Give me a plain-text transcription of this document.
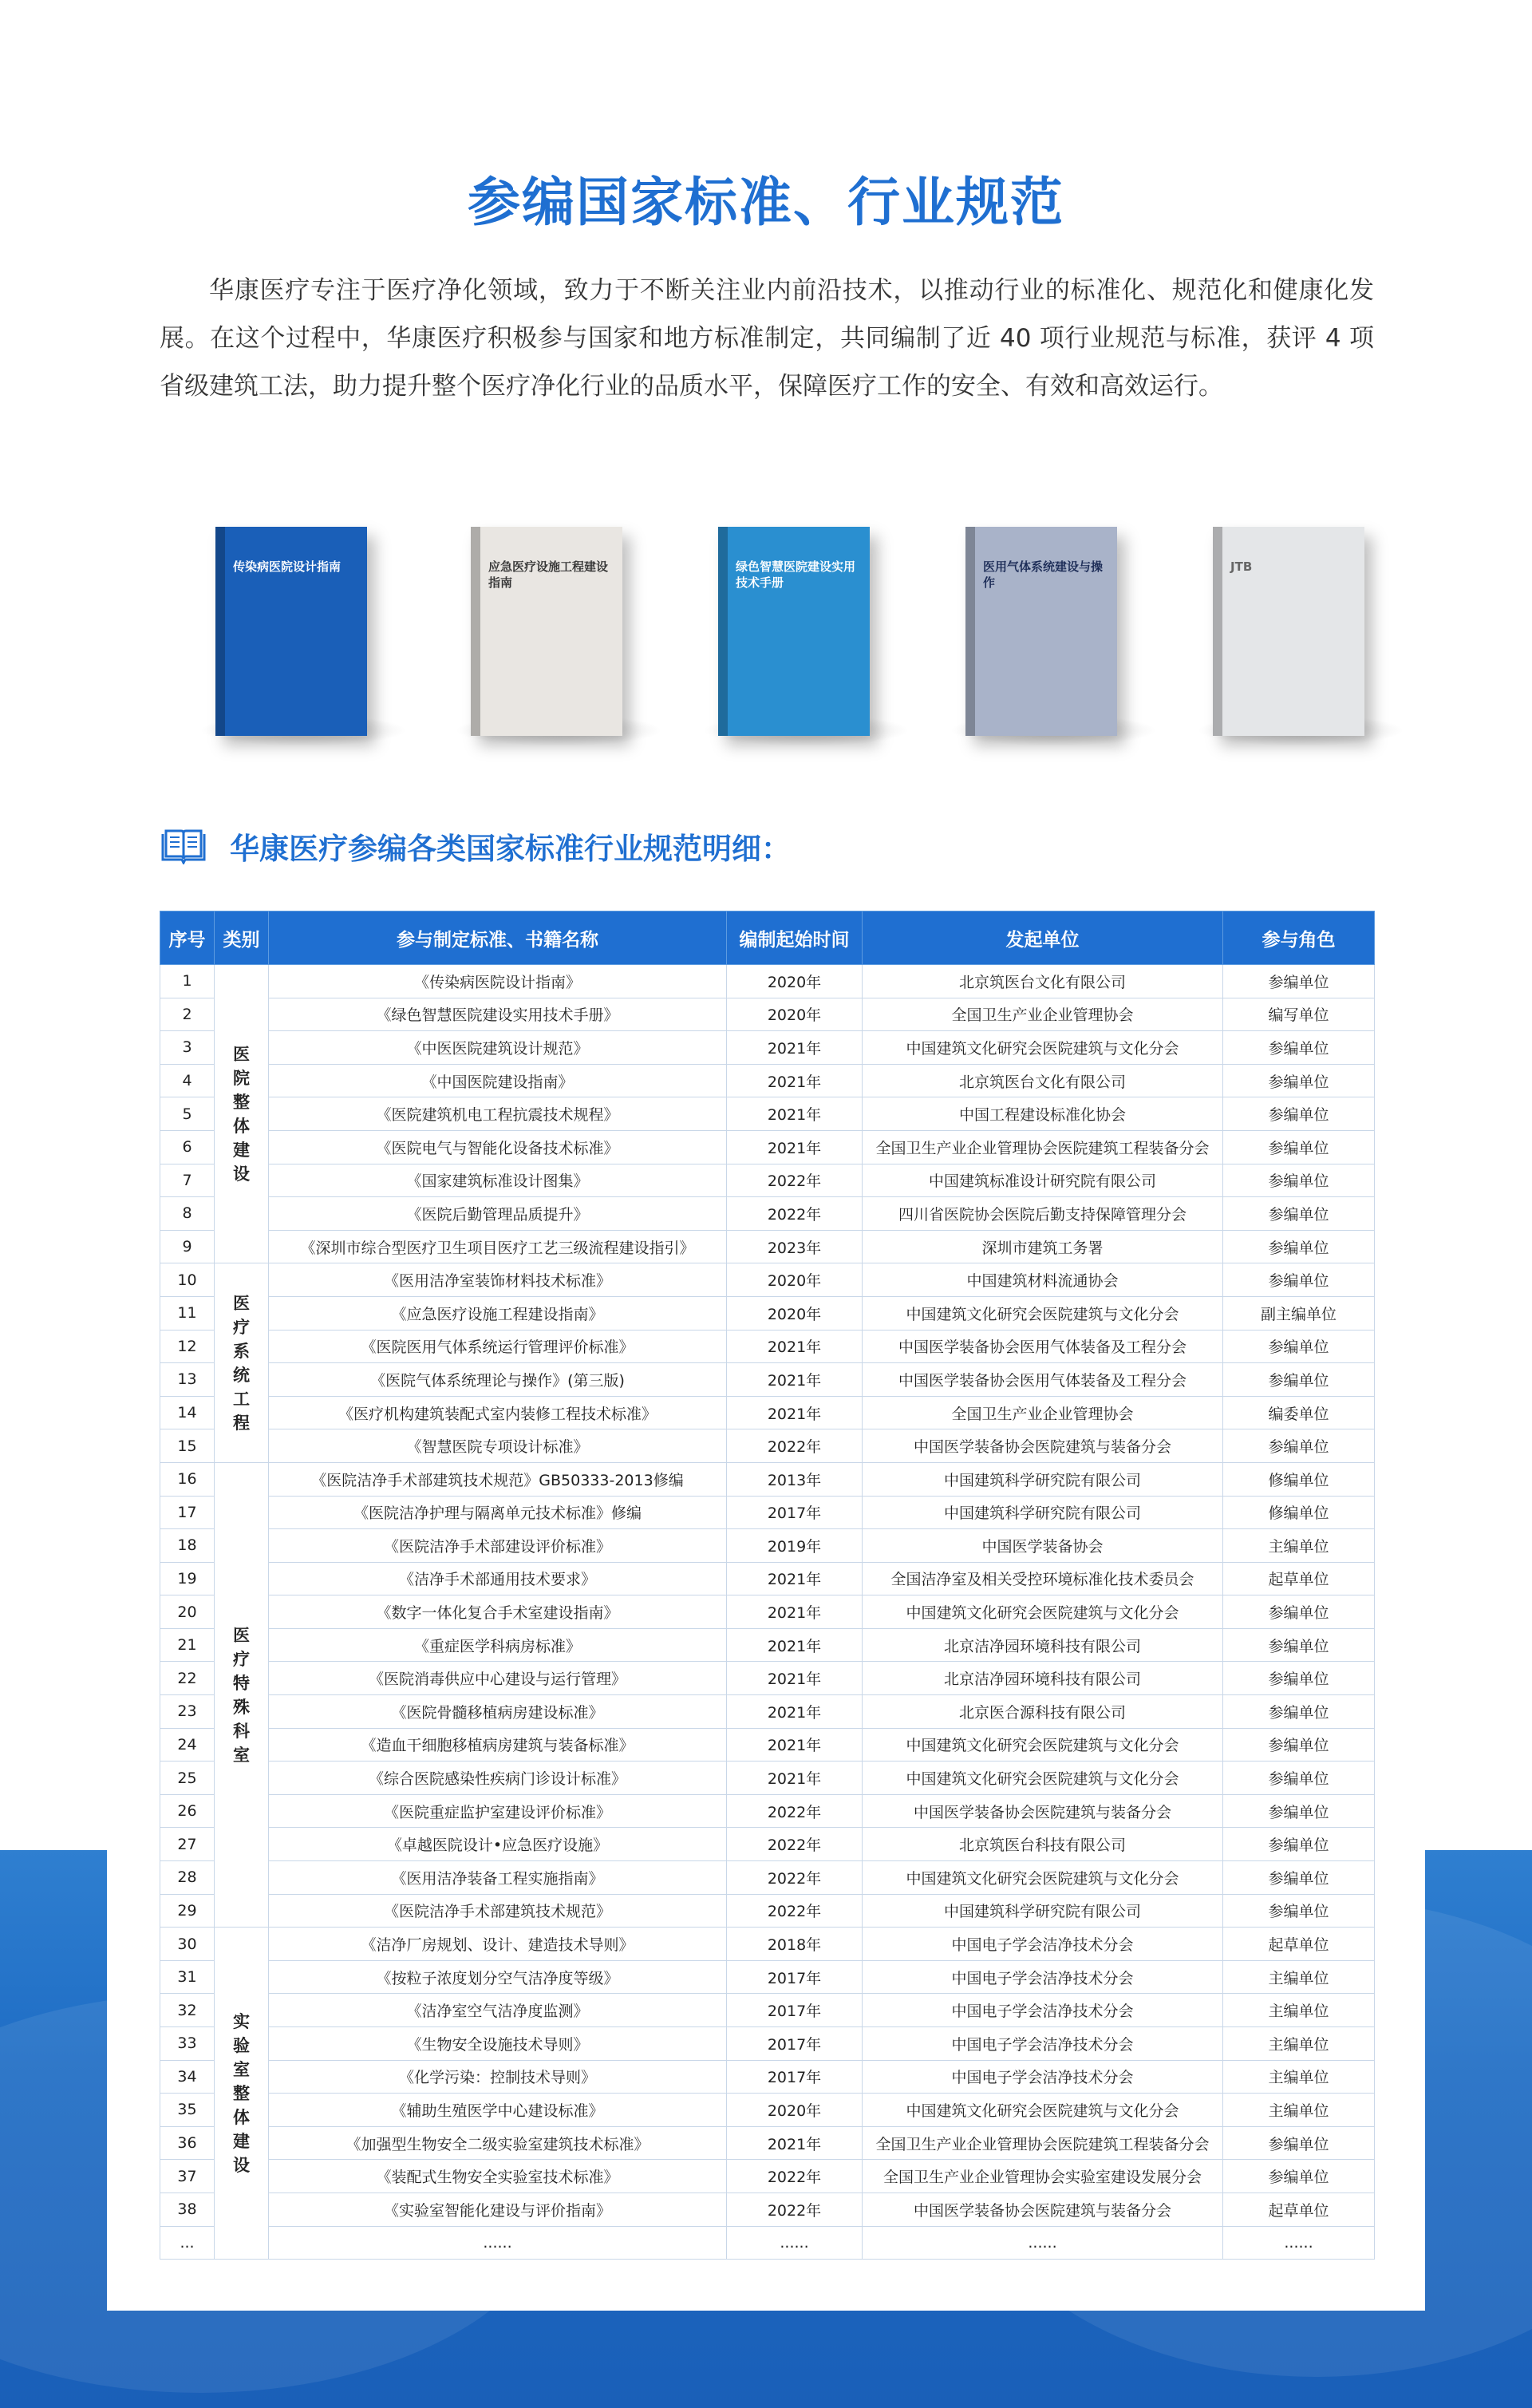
参编国家标准、行业规范
华康医疗专注于医疗净化领域，致力于不断关注业内前沿技术，以推动行业的标准化、规范化和健康化发展。在这个过程中，华康医疗积极参与国家和地方标准制定，共同编制了近 40 项行业规范与标准，获评 4 项省级建筑工法，助力提升整个医疗净化行业的品质水平，保障医疗工作的安全、有效和高效运行。
传染病医院设计指南	应急医疗设施工程建设指南
绿色智慧医院建设实用技术手册
医用气体系统建设与操作
JTB
华康医疗参编各类国家标准行业规范明细：
序号	类别	参与制定标准、书籍名称	编制起始时间	发起单位	参与角色
1	医院整体建设	《传染病医院设计指南》	2020年	北京筑医台文化有限公司	参编单位
2		《绿色智慧医院建设实用技术手册》	2020年	全国卫生产业企业管理协会	编写单位
3		《中医医院建筑设计规范》	2021年	中国建筑文化研究会医院建筑与文化分会	参编单位
4		《中国医院建设指南》	2021年	北京筑医台文化有限公司	参编单位
5		《医院建筑机电工程抗震技术规程》	2021年	中国工程建设标准化协会	参编单位
6		《医院电气与智能化设备技术标准》	2021年	全国卫生产业企业管理协会医院建筑工程装备分会	参编单位
7		《国家建筑标准设计图集》	2022年	中国建筑标准设计研究院有限公司	参编单位
8		《医院后勤管理品质提升》	2022年	四川省医院协会医院后勤支持保障管理分会	参编单位
9		《深圳市综合型医疗卫生项目医疗工艺三级流程建设指引》	2023年	深圳市建筑工务署	参编单位
10	医疗系统工程	《医用洁净室装饰材料技术标准》	2020年	中国建筑材料流通协会	参编单位
11		《应急医疗设施工程建设指南》	2020年	中国建筑文化研究会医院建筑与文化分会	副主编单位
12		《医院医用气体系统运行管理评价标准》	2021年	中国医学装备协会医用气体装备及工程分会	参编单位
13		《医院气体系统理论与操作》(第三版)	2021年	中国医学装备协会医用气体装备及工程分会	参编单位
14		《医疗机构建筑装配式室内装修工程技术标准》	2021年	全国卫生产业企业管理协会	编委单位
15		《智慧医院专项设计标准》	2022年	中国医学装备协会医院建筑与装备分会	参编单位
16	医疗特殊科室	《医院洁净手术部建筑技术规范》GB50333-2013修编	2013年	中国建筑科学研究院有限公司	修编单位
17		《医院洁净护理与隔离单元技术标准》修编	2017年	中国建筑科学研究院有限公司	修编单位
18		《医院洁净手术部建设评价标准》	2019年	中国医学装备协会	主编单位
19		《洁净手术部通用技术要求》	2021年	全国洁净室及相关受控环境标准化技术委员会	起草单位
20		《数字一体化复合手术室建设指南》	2021年	中国建筑文化研究会医院建筑与文化分会	参编单位
21		《重症医学科病房标准》	2021年	北京洁净园环境科技有限公司	参编单位
22		《医院消毒供应中心建设与运行管理》	2021年	北京洁净园环境科技有限公司	参编单位
23		《医院骨髓移植病房建设标准》	2021年	北京医合源科技有限公司	参编单位
24		《造血干细胞移植病房建筑与装备标准》	2021年	中国建筑文化研究会医院建筑与文化分会	参编单位
25		《综合医院感染性疾病门诊设计标准》	2021年	中国建筑文化研究会医院建筑与文化分会	参编单位
26		《医院重症监护室建设评价标准》	2022年	中国医学装备协会医院建筑与装备分会	参编单位
27		《卓越医院设计•应急医疗设施》	2022年	北京筑医台科技有限公司	参编单位
28		《医用洁净装备工程实施指南》	2022年	中国建筑文化研究会医院建筑与文化分会	参编单位
29		《医院洁净手术部建筑技术规范》	2022年	中国建筑科学研究院有限公司	参编单位
30	实验室整体建设	《洁净厂房规划、设计、建造技术导则》	2018年	中国电子学会洁净技术分会	起草单位
31		《按粒子浓度划分空气洁净度等级》	2017年	中国电子学会洁净技术分会	主编单位
32		《洁净室空气洁净度监测》	2017年	中国电子学会洁净技术分会	主编单位
33		《生物安全设施技术导则》	2017年	中国电子学会洁净技术分会	主编单位
34		《化学污染：控制技术导则》	2017年	中国电子学会洁净技术分会	主编单位
35		《辅助生殖医学中心建设标准》	2020年	中国建筑文化研究会医院建筑与文化分会	主编单位
36		《加强型生物安全二级实验室建筑技术标准》	2021年	全国卫生产业企业管理协会医院建筑工程装备分会	参编单位
37		《装配式生物安全实验室技术标准》	2022年	全国卫生产业企业管理协会实验室建设发展分会	参编单位
38		《实验室智能化建设与评价指南》	2022年	中国医学装备协会医院建筑与装备分会	起草单位
...		......	......	......	......
